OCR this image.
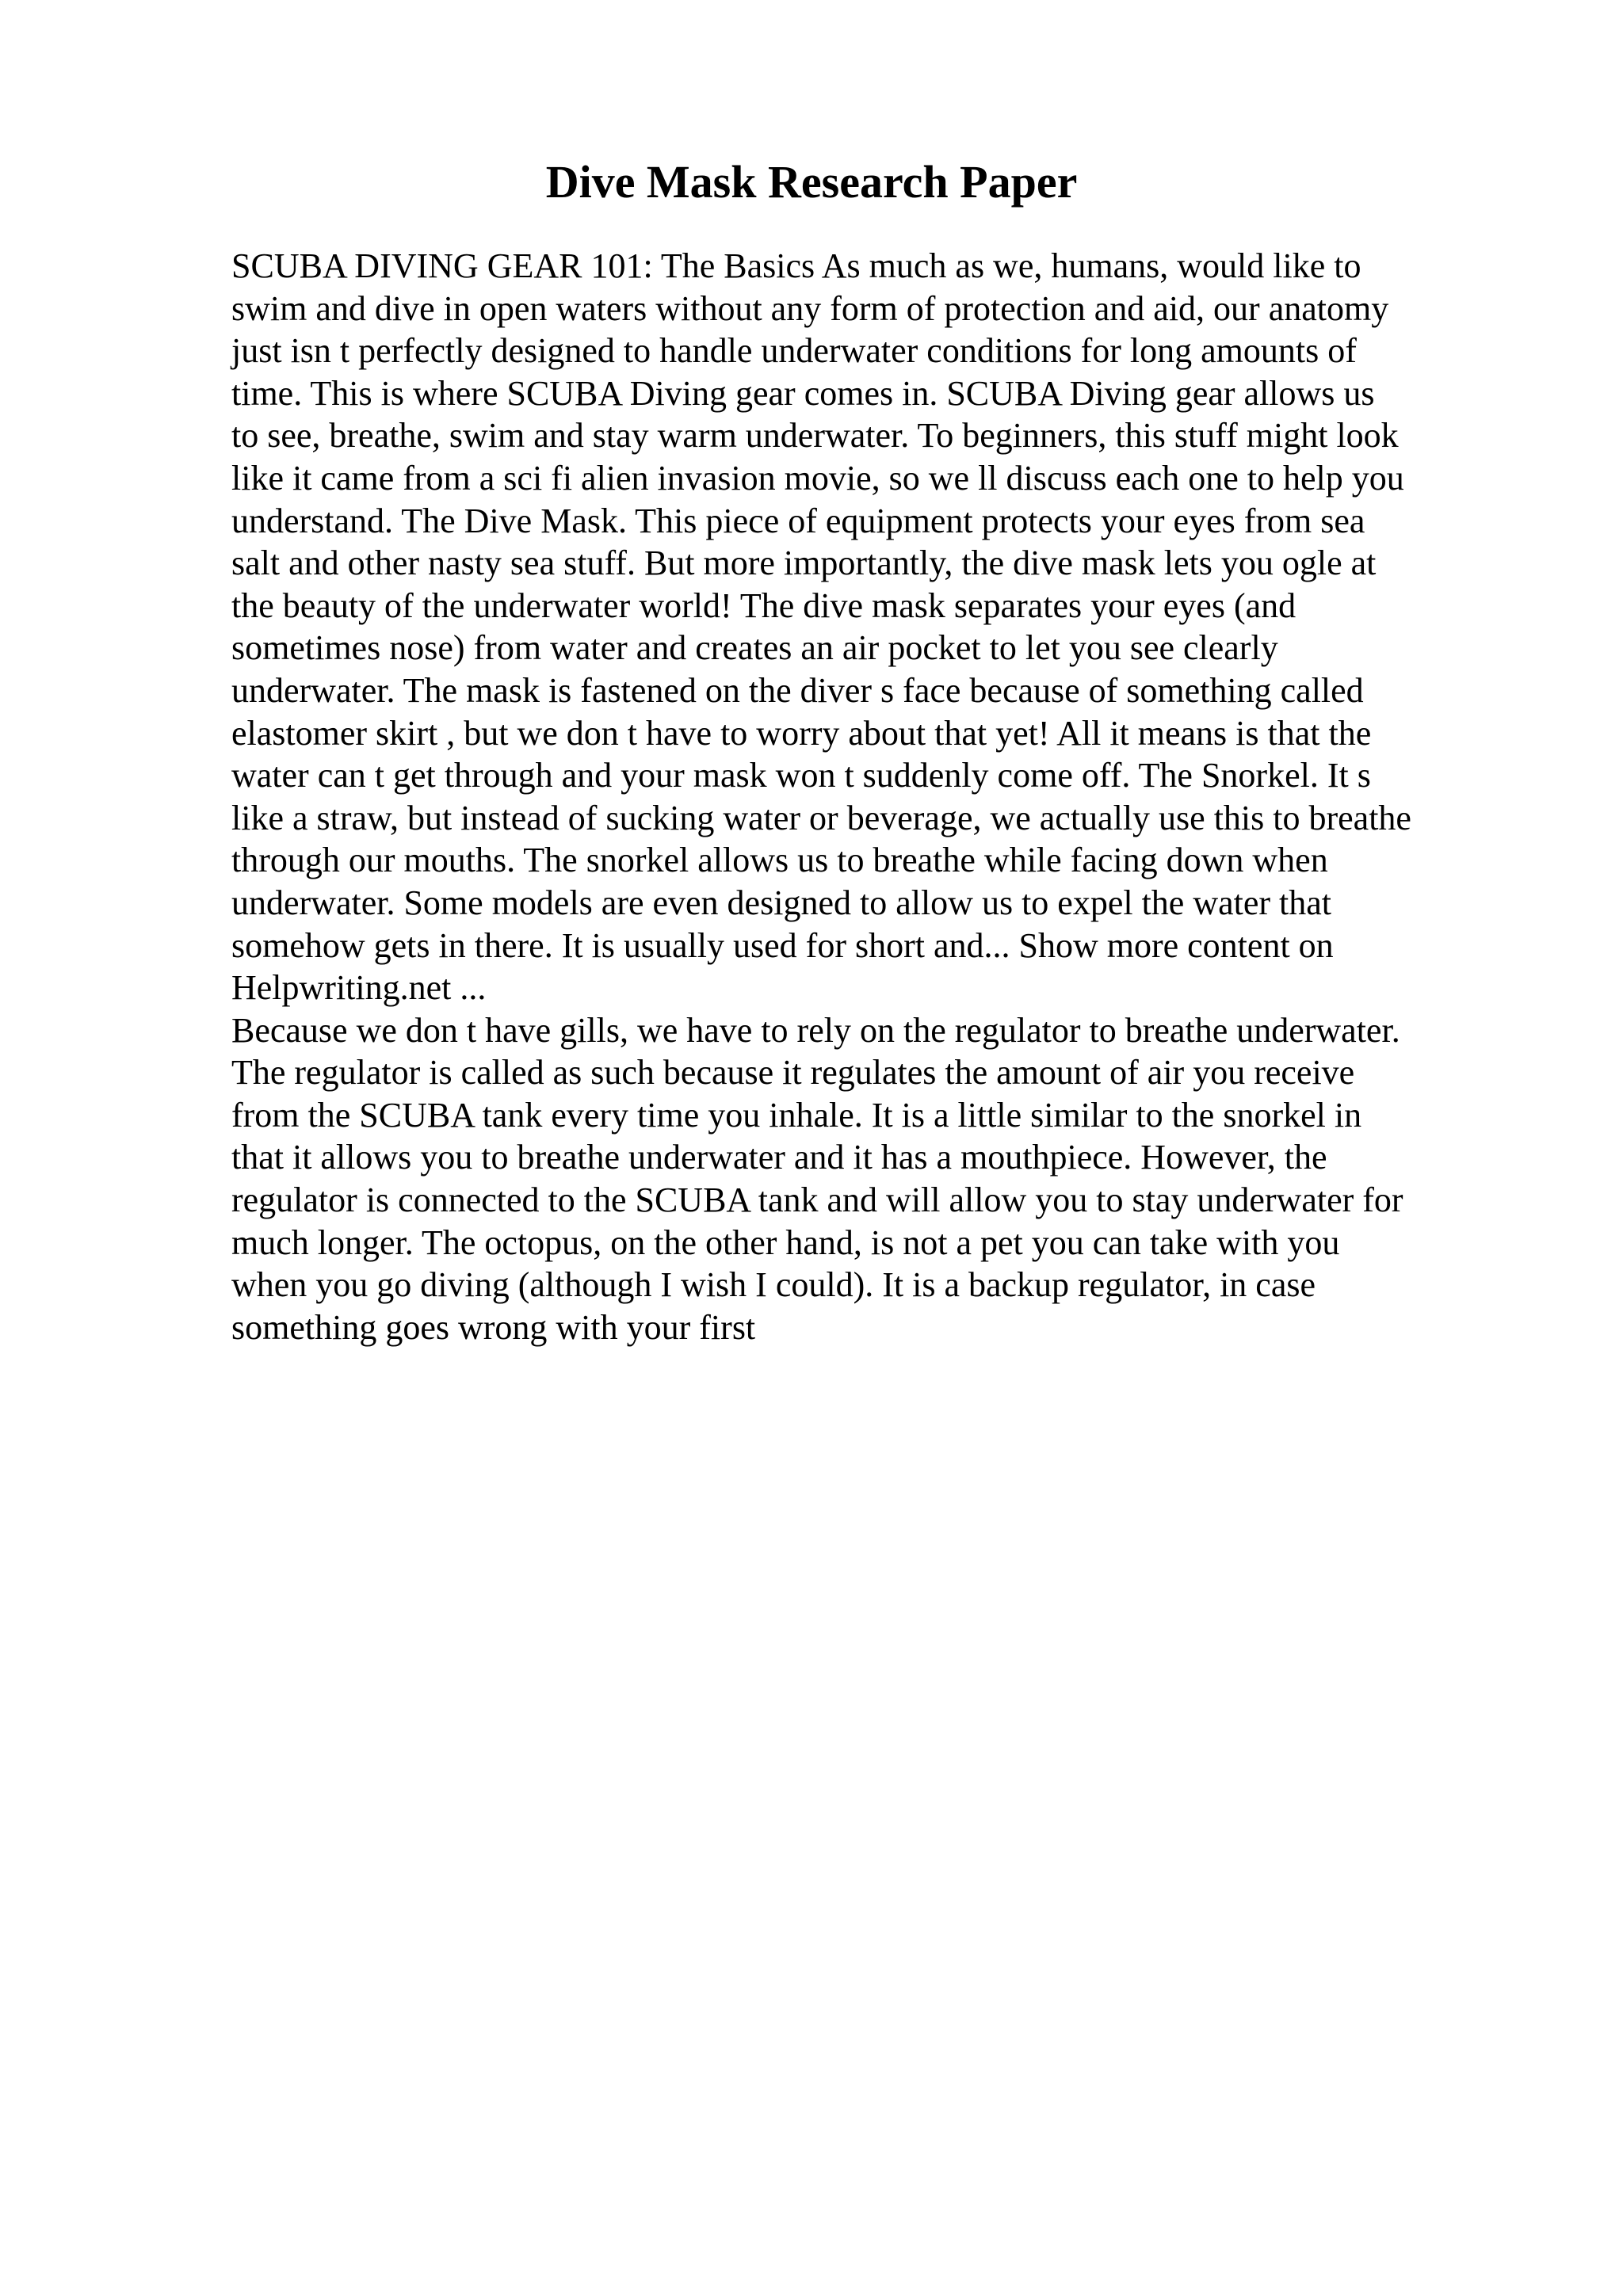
Dive Mask Research Paper

SCUBA DIVING GEAR 101: The Basics As much as we, humans, would like to
swim and dive in open waters without any form of protection and aid, our anatomy
just isn t perfectly designed to handle underwater conditions for long amounts of
time. This is where SCUBA Diving gear comes in. SCUBA Diving gear allows us
to see, breathe, swim and stay warm underwater. To beginners, this stuff might look
like it came from a sci fi alien invasion movie, so we ll discuss each one to help you
understand. The Dive Mask. This piece of equipment protects your eyes from sea
salt and other nasty sea stuff. But more importantly, the dive mask lets you ogle at
the beauty of the underwater world! The dive mask separates your eyes (and
sometimes nose) from water and creates an air pocket to let you see clearly
underwater. The mask is fastened on the diver s face because of something called
elastomer skirt , but we don t have to worry about that yet! All it means is that the
water can t get through and your mask won t suddenly come off. The Snorkel. It s
like a straw, but instead of sucking water or beverage, we actually use this to breathe
through our mouths. The snorkel allows us to breathe while facing down when
underwater. Some models are even designed to allow us to expel the water that
somehow gets in there. It is usually used for short and... Show more content on
Helpwriting.net ...

Because we don t have gills, we have to rely on the regulator to breathe underwater.
The regulator is called as such because it regulates the amount of air you receive
from the SCUBA tank every time you inhale. It is a little similar to the snorkel in
that it allows you to breathe underwater and it has a mouthpiece. However, the
regulator is connected to the SCUBA tank and will allow you to stay underwater for
much longer. The octopus, on the other hand, is not a pet you can take with you
when you go diving (although I wish I could). It is a backup regulator, in case
something goes wrong with your first
